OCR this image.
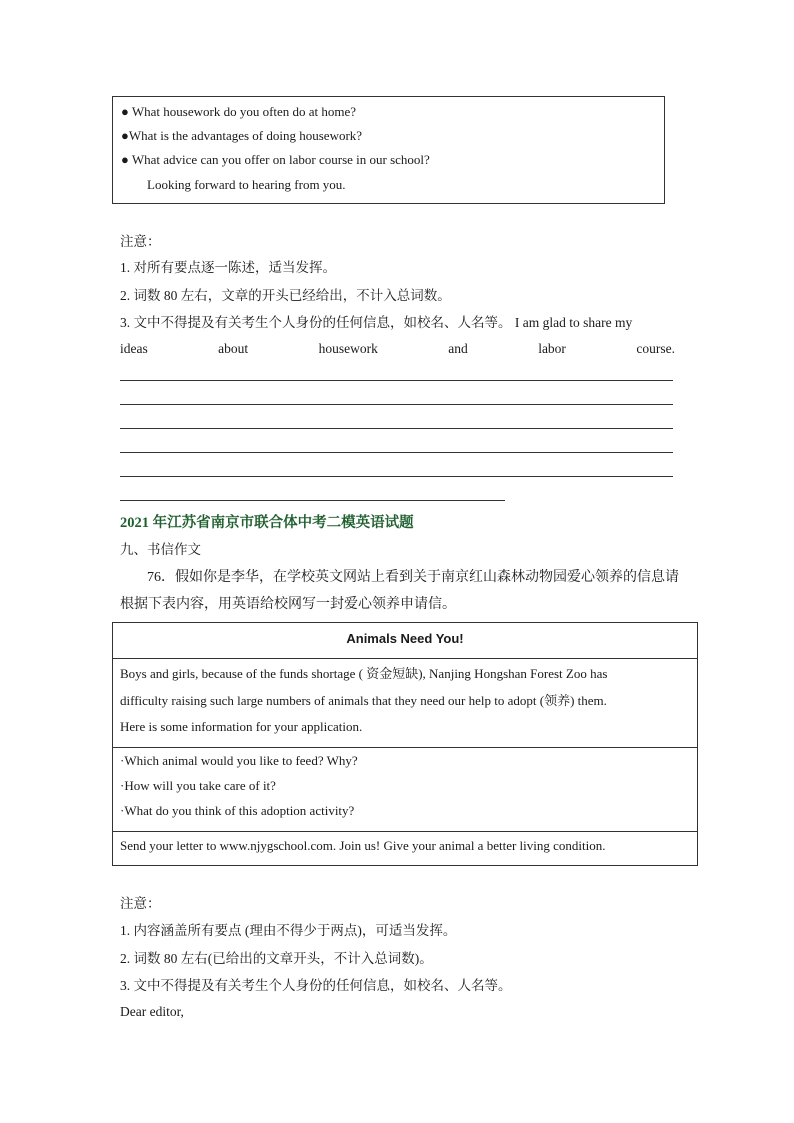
● What housework do you often do at home?
●What is the advantages of doing housework?
● What advice can you offer on labor course in our school?
Looking forward to hearing from you.
注意：
1. 对所有要点逐一陈述，适当发挥。
2. 词数 80 左右，文章的开头已经给出，不计入总词数。
3. 文中不得提及有关考生个人身份的任何信息，如校名、人名等。 I am glad to share my
ideas	about	housework	and	labor	course.
2021 年江苏省南京市联合体中考二模英语试题
九、书信作文
76．假如你是李华，在学校英文网站上看到关于南京红山森林动物园爱心领养的信息请
根据下表内容，用英语给校网写一封爱心领养申请信。
Animals Need You!
Boys and girls, because of the funds shortage ( 资金短缺), Nanjing Hongshan Forest Zoo has
difficulty raising such large numbers of animals that they need our help to adopt (领养) them.
Here is some information for your application.
·Which animal would you like to feed? Why?
·How will you take care of it?
·What do you think of this adoption activity?
Send your letter to www.njygschool.com. Join us! Give your animal a better living condition.
注意：
1. 内容涵盖所有要点 (理由不得少于两点)，可适当发挥。
2. 词数 80 左右(已给出的文章开头，不计入总词数)。
3. 文中不得提及有关考生个人身份的任何信息，如校名、人名等。
Dear editor,
